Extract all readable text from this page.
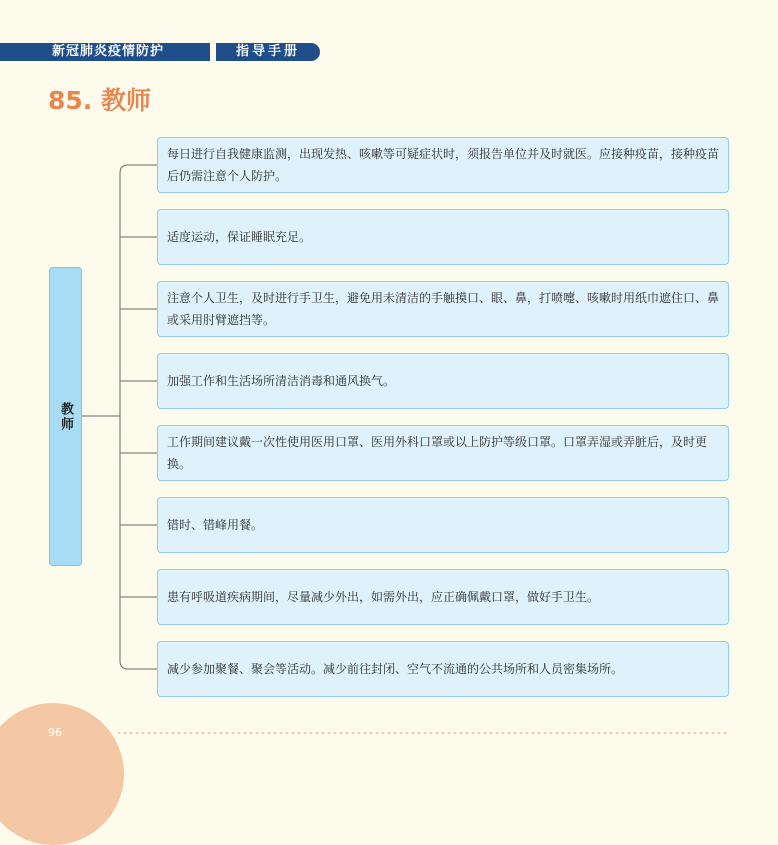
新冠肺炎疫情防护	指导手册
85. 教师
教师
每日进行自我健康监测，出现发热、咳嗽等可疑症状时，须报告单位并及时就医。应接种疫苗，接种疫苗后仍需注意个人防护。
适度运动，保证睡眠充足。
注意个人卫生，及时进行手卫生，避免用未清洁的手触摸口、眼、鼻，打喷嚏、咳嗽时用纸巾遮住口、鼻或采用肘臂遮挡等。
加强工作和生活场所清洁消毒和通风换气。
工作期间建议戴一次性使用医用口罩、医用外科口罩或以上防护等级口罩。口罩弄湿或弄脏后，及时更换。
错时、错峰用餐。
患有呼吸道疾病期间，尽量减少外出，如需外出，应正确佩戴口罩，做好手卫生。
减少参加聚餐、聚会等活动。减少前往封闭、空气不流通的公共场所和人员密集场所。
96
